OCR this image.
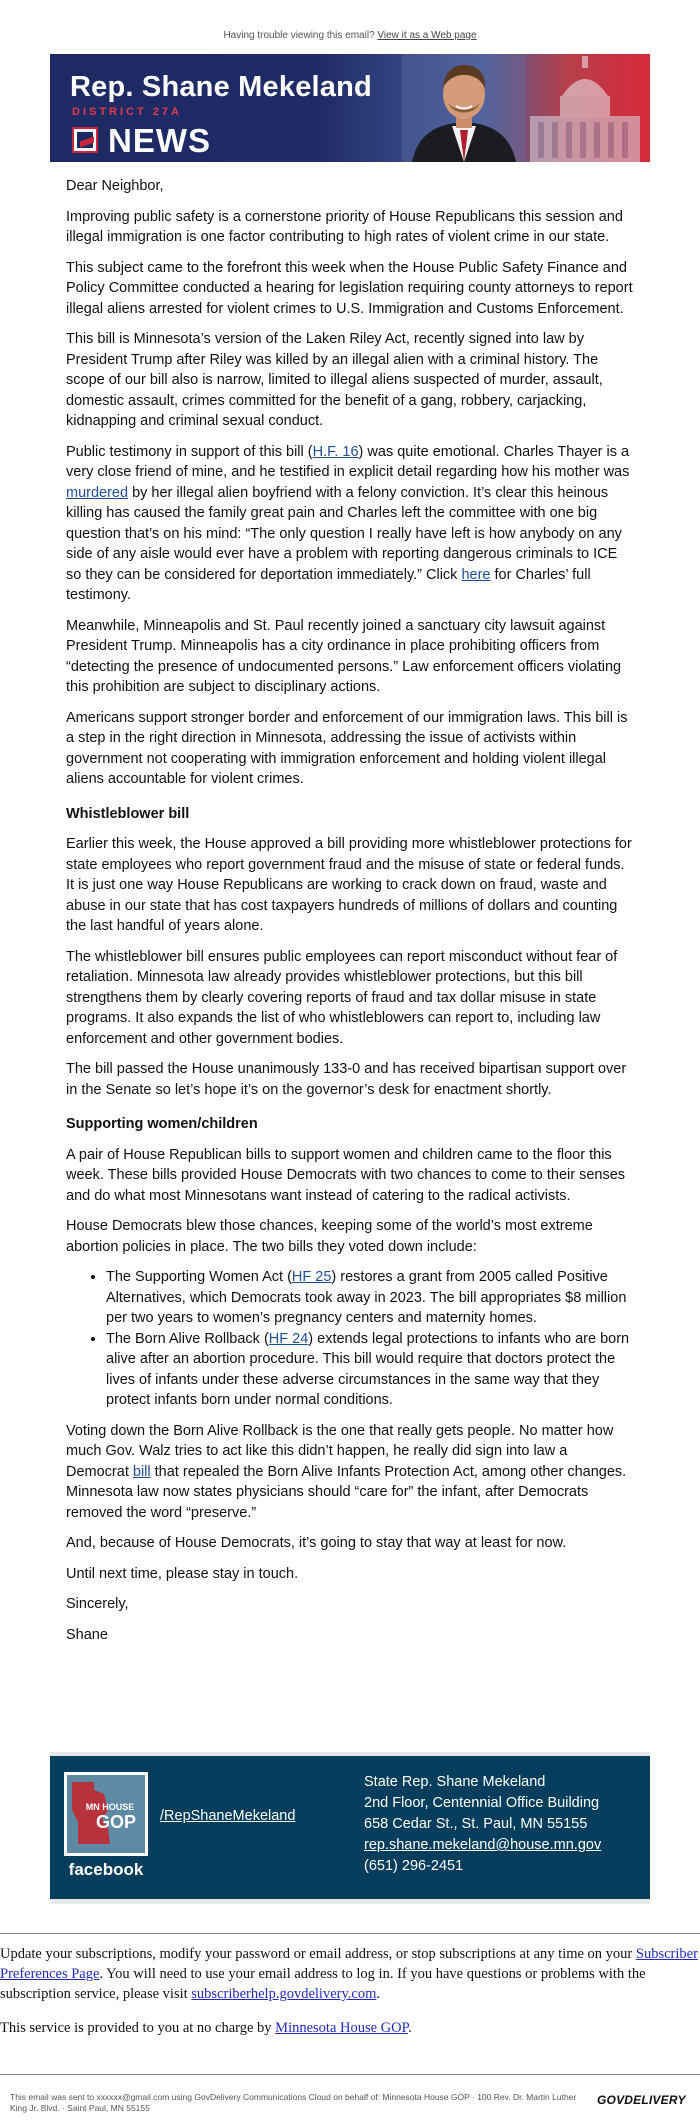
Having trouble viewing this email? View it as a Web page
Rep. Shane Mekeland
DISTRICT 27A
NEWS

Dear Neighbor,

Improving public safety is a cornerstone priority of House Republicans this session and illegal immigration is one factor contributing to high rates of violent crime in our state.

This subject came to the forefront this week when the House Public Safety Finance and Policy Committee conducted a hearing for legislation requiring county attorneys to report illegal aliens arrested for violent crimes to U.S. Immigration and Customs Enforcement.

This bill is Minnesota’s version of the Laken Riley Act, recently signed into law by President Trump after Riley was killed by an illegal alien with a criminal history. The scope of our bill also is narrow, limited to illegal aliens suspected of murder, assault, domestic assault, crimes committed for the benefit of a gang, robbery, carjacking, kidnapping and criminal sexual conduct.

Public testimony in support of this bill (H.F. 16) was quite emotional. Charles Thayer is a very close friend of mine, and he testified in explicit detail regarding how his mother was murdered by her illegal alien boyfriend with a felony conviction. It’s clear this heinous killing has caused the family great pain and Charles left the committee with one big question that’s on his mind: “The only question I really have left is how anybody on any side of any aisle would ever have a problem with reporting dangerous criminals to ICE so they can be considered for deportation immediately.” Click here for Charles’ full testimony.

Meanwhile, Minneapolis and St. Paul recently joined a sanctuary city lawsuit against President Trump. Minneapolis has a city ordinance in place prohibiting officers from “detecting the presence of undocumented persons.” Law enforcement officers violating this prohibition are subject to disciplinary actions.

Americans support stronger border and enforcement of our immigration laws. This bill is a step in the right direction in Minnesota, addressing the issue of activists within government not cooperating with immigration enforcement and holding violent illegal aliens accountable for violent crimes.

Whistleblower bill

Earlier this week, the House approved a bill providing more whistleblower protections for state employees who report government fraud and the misuse of state or federal funds. It is just one way House Republicans are working to crack down on fraud, waste and abuse in our state that has cost taxpayers hundreds of millions of dollars and counting the last handful of years alone.

The whistleblower bill ensures public employees can report misconduct without fear of retaliation. Minnesota law already provides whistleblower protections, but this bill strengthens them by clearly covering reports of fraud and tax dollar misuse in state programs. It also expands the list of who whistleblowers can report to, including law enforcement and other government bodies.

The bill passed the House unanimously 133-0 and has received bipartisan support over in the Senate so let’s hope it’s on the governor’s desk for enactment shortly.

Supporting women/children

A pair of House Republican bills to support women and children came to the floor this week. These bills provided House Democrats with two chances to come to their senses and do what most Minnesotans want instead of catering to the radical activists.

House Democrats blew those chances, keeping some of the world’s most extreme abortion policies in place. The two bills they voted down include:

• The Supporting Women Act (HF 25) restores a grant from 2005 called Positive Alternatives, which Democrats took away in 2023. The bill appropriates $8 million per two years to women’s pregnancy centers and maternity homes.
• The Born Alive Rollback (HF 24) extends legal protections to infants who are born alive after an abortion procedure. This bill would require that doctors protect the lives of infants under these adverse circumstances in the same way that they protect infants born under normal conditions.

Voting down the Born Alive Rollback is the one that really gets people. No matter how much Gov. Walz tries to act like this didn’t happen, he really did sign into law a Democrat bill that repealed the Born Alive Infants Protection Act, among other changes. Minnesota law now states physicians should “care for” the infant, after Democrats removed the word “preserve.”

And, because of House Democrats, it’s going to stay that way at least for now.

Until next time, please stay in touch.

Sincerely,

Shane

MN HOUSE
GOP
facebook
/RepShaneMekeland
State Rep. Shane Mekeland
2nd Floor, Centennial Office Building
658 Cedar St., St. Paul, MN 55155
rep.shane.mekeland@house.mn.gov
(651) 296-2451

Update your subscriptions, modify your password or email address, or stop subscriptions at any time on your Subscriber Preferences Page. You will need to use your email address to log in. If you have questions or problems with the subscription service, please visit subscriberhelp.govdelivery.com.

This service is provided to you at no charge by Minnesota House GOP.

This email was sent to xxxxxx@gmail.com using GovDelivery Communications Cloud on behalf of: Minnesota House GOP · 100 Rev. Dr. Martin Luther King Jr. Blvd. · Saint Paul, MN 55155
GOVDELIVERY
